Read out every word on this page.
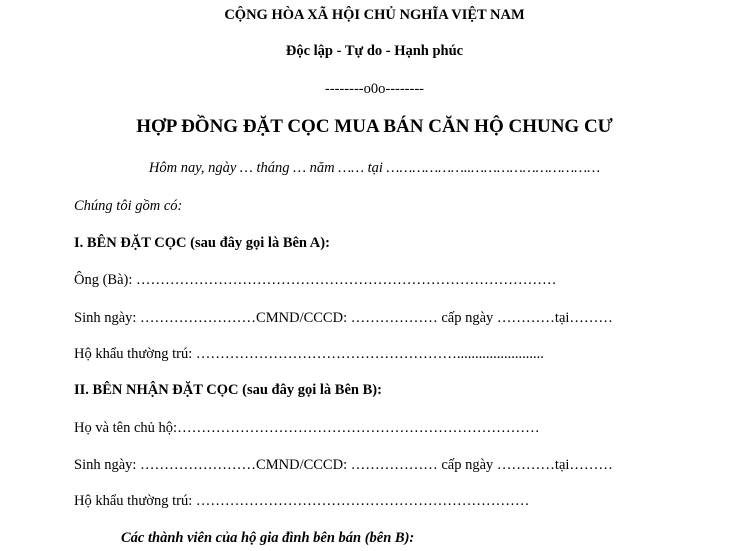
CỘNG HÒA XÃ HỘI CHỦ NGHĨA VIỆT NAM
Độc lập - Tự do - Hạnh phúc
--------o0o--------
HỢP ĐỒNG ĐẶT CỌC MUA BÁN CĂN HỘ CHUNG CƯ
Hôm nay, ngày … tháng … năm …… tại ………………..…………………………
Chúng tôi gồm có:
I. BÊN ĐẶT CỌC (sau đây gọi là Bên A):
Ông (Bà): ……………………………………………………………………………
Sinh ngày: ……………………CMND/CCCD: ……………… cấp ngày …………tại………
Hộ khẩu thường trú: ………………………………………………........................
II. BÊN NHẬN ĐẶT CỌC (sau đây gọi là Bên B):
Họ và tên chủ hộ:…………………………………………………………………
Sinh ngày: ……………………CMND/CCCD: ……………… cấp ngày …………tại………
Hộ khẩu thường trú: ……………………………………………………………
Các thành viên của hộ gia đình bên bán (bên B):
